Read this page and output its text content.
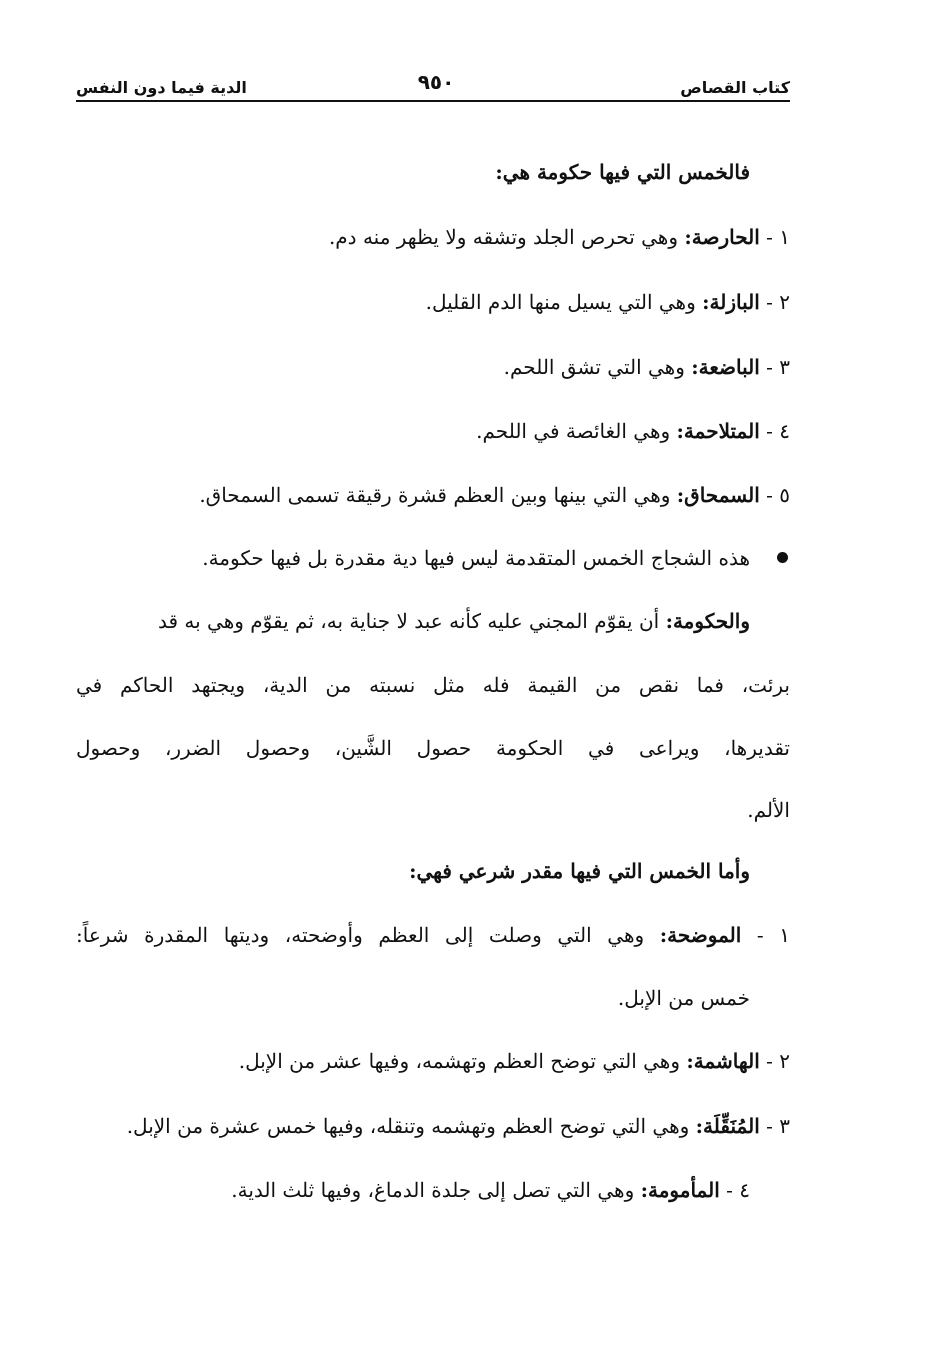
كتاب القصاص
٩٥٠
الدية فيما دون النفس
فالخمس التي فيها حكومة هي:
١ - الحارصة: وهي تحرص الجلد وتشقه ولا يظهر منه دم.
٢ - البازلة: وهي التي يسيل منها الدم القليل.
٣ - الباضعة: وهي التي تشق اللحم.
٤ - المتلاحمة: وهي الغائصة في اللحم.
٥ - السمحاق: وهي التي بينها وبين العظم قشرة رقيقة تسمى السمحاق.
هذه الشجاج الخمس المتقدمة ليس فيها دية مقدرة بل فيها حكومة.
والحكومة: أن يقوّم المجني عليه كأنه عبد لا جناية به، ثم يقوّم وهي به قد
برئت، فما نقص من القيمة فله مثل نسبته من الدية، ويجتهد الحاكم في
تقديرها، ويراعى في الحكومة حصول الشَّين، وحصول الضرر، وحصول
الألم.
وأما الخمس التي فيها مقدر شرعي فهي:
١ - الموضحة: وهي التي وصلت إلى العظم وأوضحته، وديتها المقدرة شرعاً:
خمس من الإبل.
٢ - الهاشمة: وهي التي توضح العظم وتهشمه، وفيها عشر من الإبل.
٣ - المُنَقِّلَة: وهي التي توضح العظم وتهشمه وتنقله، وفيها خمس عشرة من الإبل.
٤ - المأمومة: وهي التي تصل إلى جلدة الدماغ، وفيها ثلث الدية.
